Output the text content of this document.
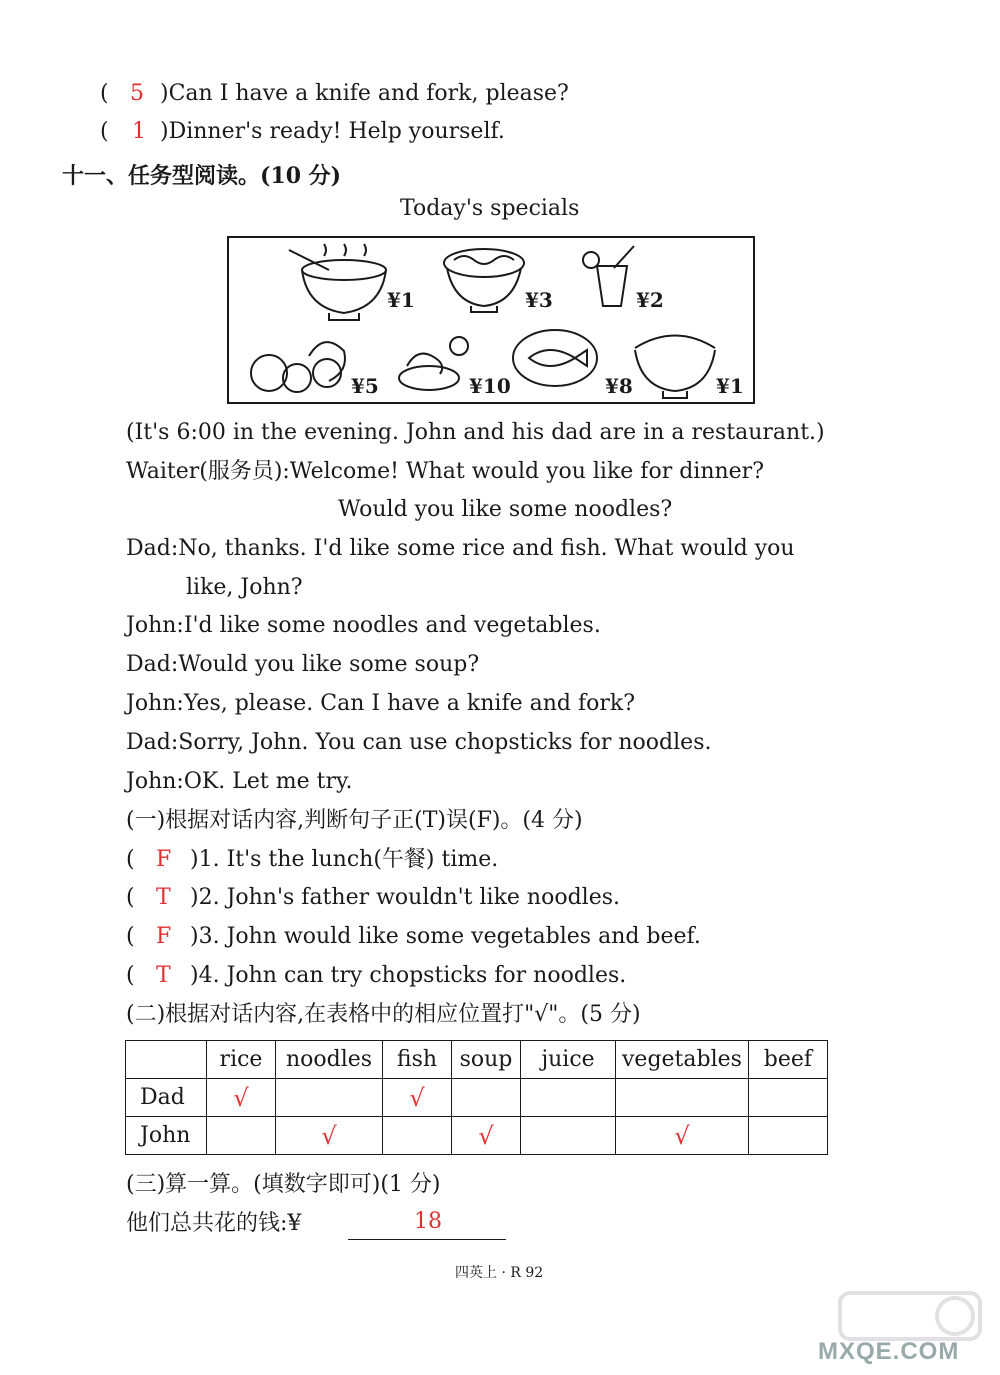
( 5 )Can I have a knife and fork, please?
( 1 )Dinner's ready! Help yourself.
十一、任务型阅读。(10 分)
Today's specials
¥1	¥3	¥2
¥5	¥10	¥8	¥1
(It's 6:00 in the evening. John and his dad are in a restaurant.)
Waiter(服务员):Welcome! What would you like for dinner?
Would you like some noodles?
Dad:No, thanks. I'd like some rice and fish. What would you
like, John?
John:I'd like some noodles and vegetables.
Dad:Would you like some soup?
John:Yes, please. Can I have a knife and fork?
Dad:Sorry, John. You can use chopsticks for noodles.
John:OK. Let me try.
(一)根据对话内容,判断句子正(T)误(F)。(4 分)
( F )1. It's the lunch(午餐) time.
( T )2. John's father wouldn't like noodles.
( F )3. John would like some vegetables and beef.
( T )4. John can try chopsticks for noodles.
(二)根据对话内容,在表格中的相应位置打"√"。(5 分)
	rice	noodles	fish	soup	juice	vegetables	beef
Dad	√		√				
John		√		√		√	
(三)算一算。(填数字即可)(1 分)
他们总共花的钱:¥	18
四英上 · R 92
MXQE.COM
